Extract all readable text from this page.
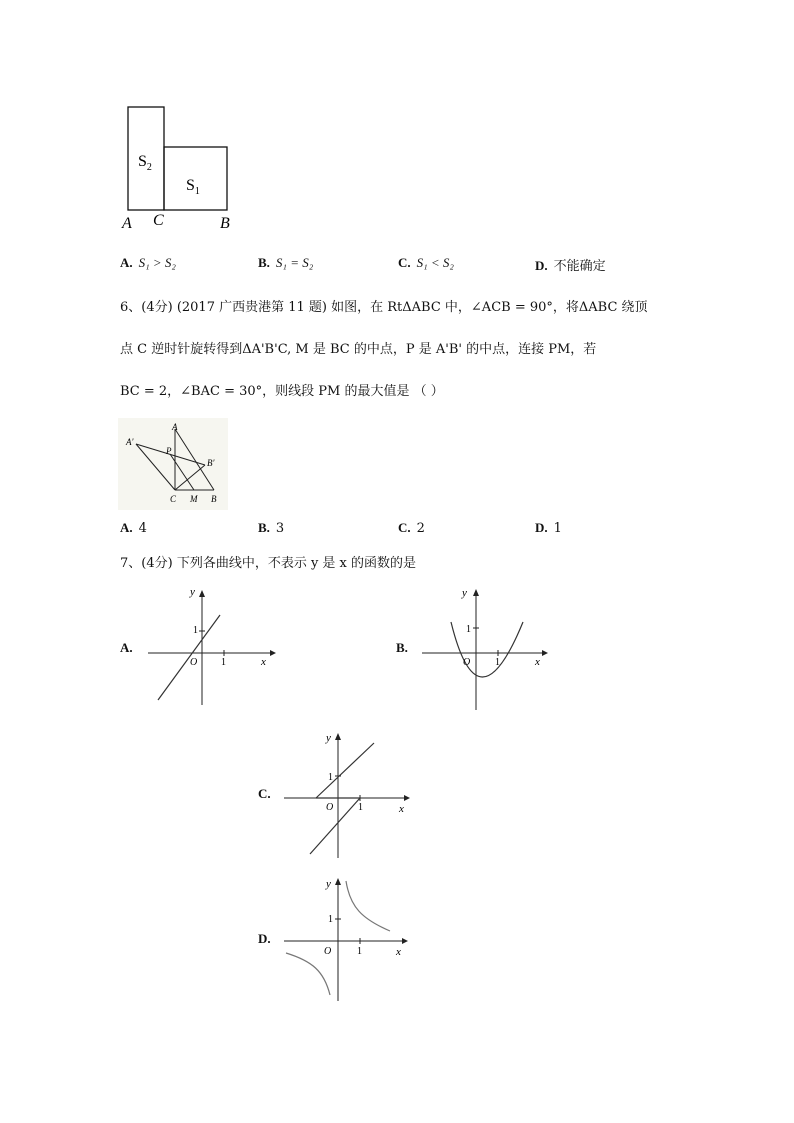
$S_2$
$S_1$
A C	B
A. S₁ > S₂	B. S₁ = S₂	C. S₁ < S₂	D. 不能确定
6、(4分) (2017 广西贵港第 11 题) 如图，在 RtΔABC 中，∠ACB = 90°，将ΔABC 绕顶
点 C 逆时针旋转得到ΔA'B'C, M 是 BC 的中点，P 是 A'B' 的中点，连接 PM，若
BC = 2，∠BAC = 30°，则线段 PM 的最大值是 （ ）
A'
A
P
B'
C M B
A. 4	B. 3	C. 2	D. 1
7、(4分) 下列各曲线中，不表示 y 是 x 的函数的是
A.
y
1
O 1	x
B.
y
1
O 1	x
C.
y
1
O 1	x
D.
y
1
O	1	x
